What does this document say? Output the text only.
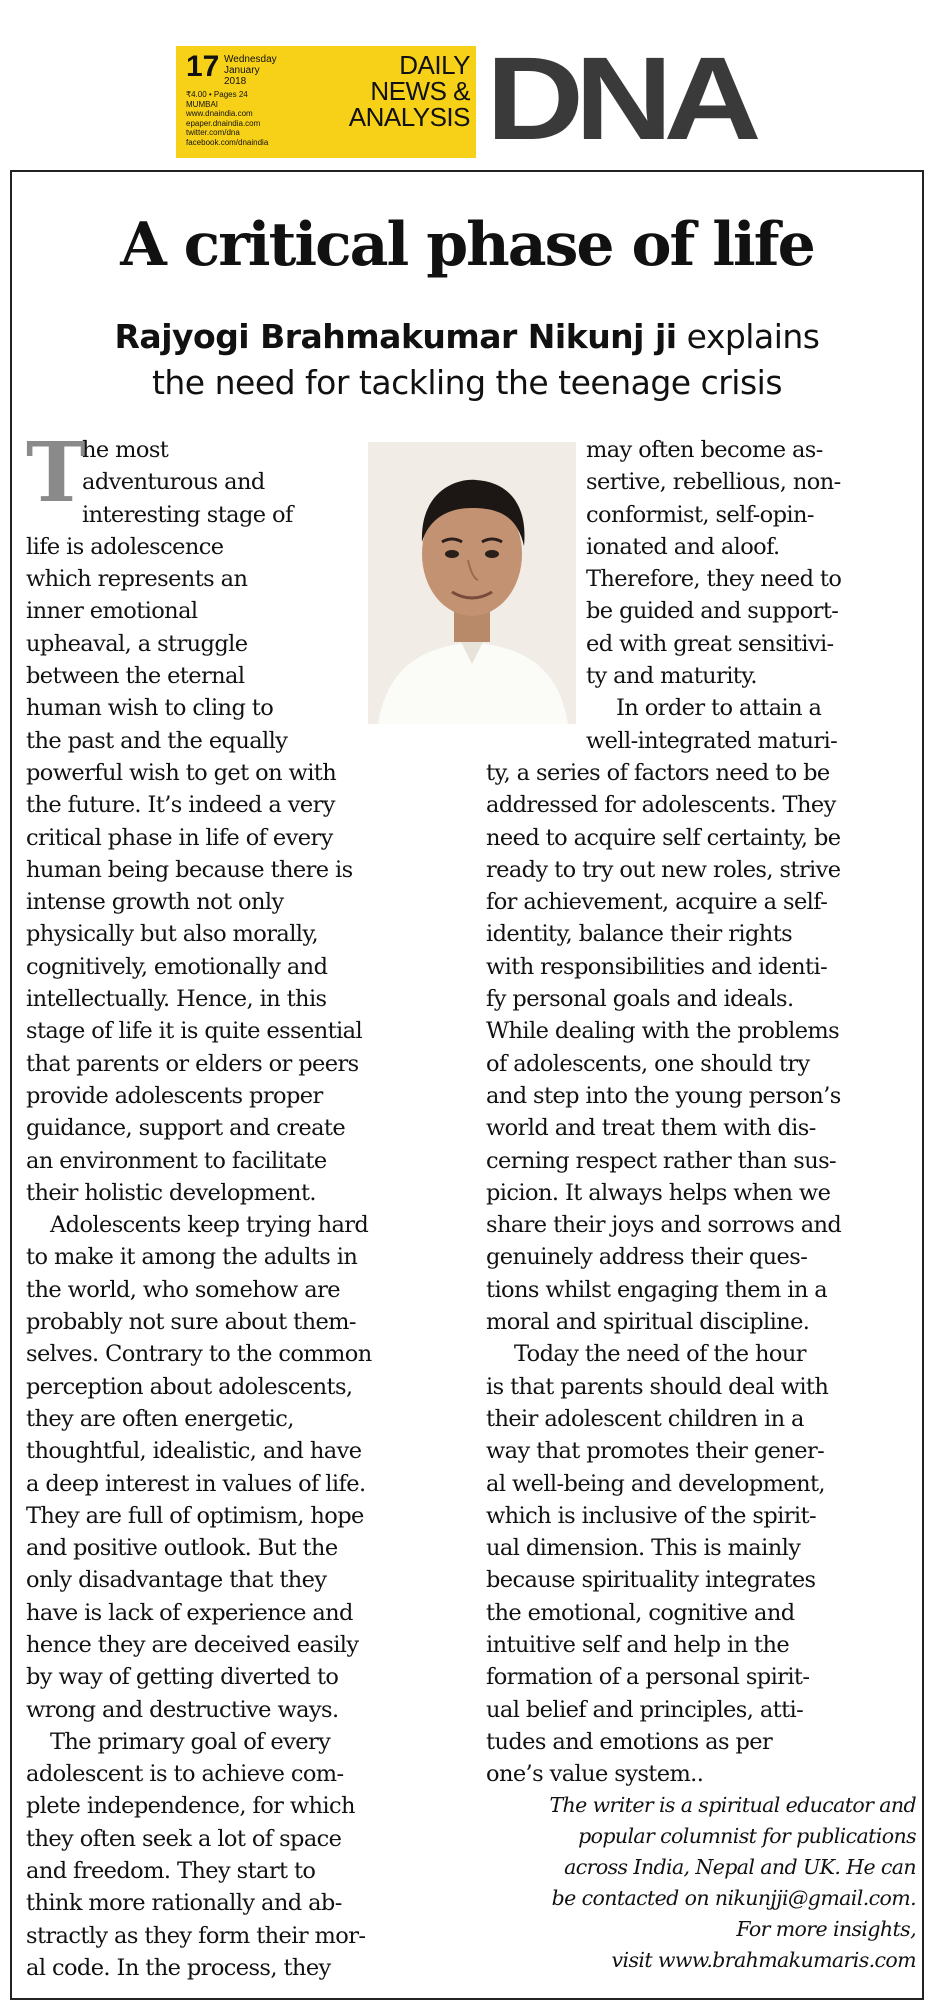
17 Wednesday
January
2018
₹4.00 • Pages 24
MUMBAI
www.dnaindia.com
epaper.dnaindia.com
twitter.com/dna
facebook.com/dnaindia
DAILY
NEWS &
ANALYSIS DNA
A critical phase of life
Rajyogi Brahmakumar Nikunj ji explains
the need for tackling the teenage crisis
T
he most
adventurous and
interesting stage of
life is adolescence
which represents an
inner emotional
upheaval, a struggle
between the eternal
human wish to cling to
the past and the equally
powerful wish to get on with
the future. It’s indeed a very
critical phase in life of every
human being because there is
intense growth not only
physically but also morally,
cognitively, emotionally and
intellectually. Hence, in this
stage of life it is quite essential
that parents or elders or peers
provide adolescents proper
guidance, support and create
an environment to facilitate
their holistic development.
Adolescents keep trying hard
to make it among the adults in
the world, who somehow are
probably not sure about them-
selves. Contrary to the common
perception about adolescents,
they are often energetic,
thoughtful, idealistic, and have
a deep interest in values of life.
They are full of optimism, hope
and positive outlook. But the
only disadvantage that they
have is lack of experience and
hence they are deceived easily
by way of getting diverted to
wrong and destructive ways.
The primary goal of every
adolescent is to achieve com-
plete independence, for which
they often seek a lot of space
and freedom. They start to
think more rationally and ab-
stractly as they form their mor-
al code. In the process, they
may often become as-
sertive, rebellious, non-
conformist, self-opin-
ionated and aloof.
Therefore, they need to
be guided and support-
ed with great sensitivi-
ty and maturity.
In order to attain a
well-integrated maturi-
ty, a series of factors need to be
addressed for adolescents. They
need to acquire self certainty, be
ready to try out new roles, strive
for achievement, acquire a self-
identity, balance their rights
with responsibilities and identi-
fy personal goals and ideals.
While dealing with the problems
of adolescents, one should try
and step into the young person’s
world and treat them with dis-
cerning respect rather than sus-
picion. It always helps when we
share their joys and sorrows and
genuinely address their ques-
tions whilst engaging them in a
moral and spiritual discipline.
Today the need of the hour
is that parents should deal with
their adolescent children in a
way that promotes their gener-
al well-being and development,
which is inclusive of the spirit-
ual dimension. This is mainly
because spirituality integrates
the emotional, cognitive and
intuitive self and help in the
formation of a personal spirit-
ual belief and principles, atti-
tudes and emotions as per
one’s value system..
The writer is a spiritual educator and
popular columnist for publications
across India, Nepal and UK. He can
be contacted on nikunjji@gmail.com.
For more insights,
visit www.brahmakumaris.com
